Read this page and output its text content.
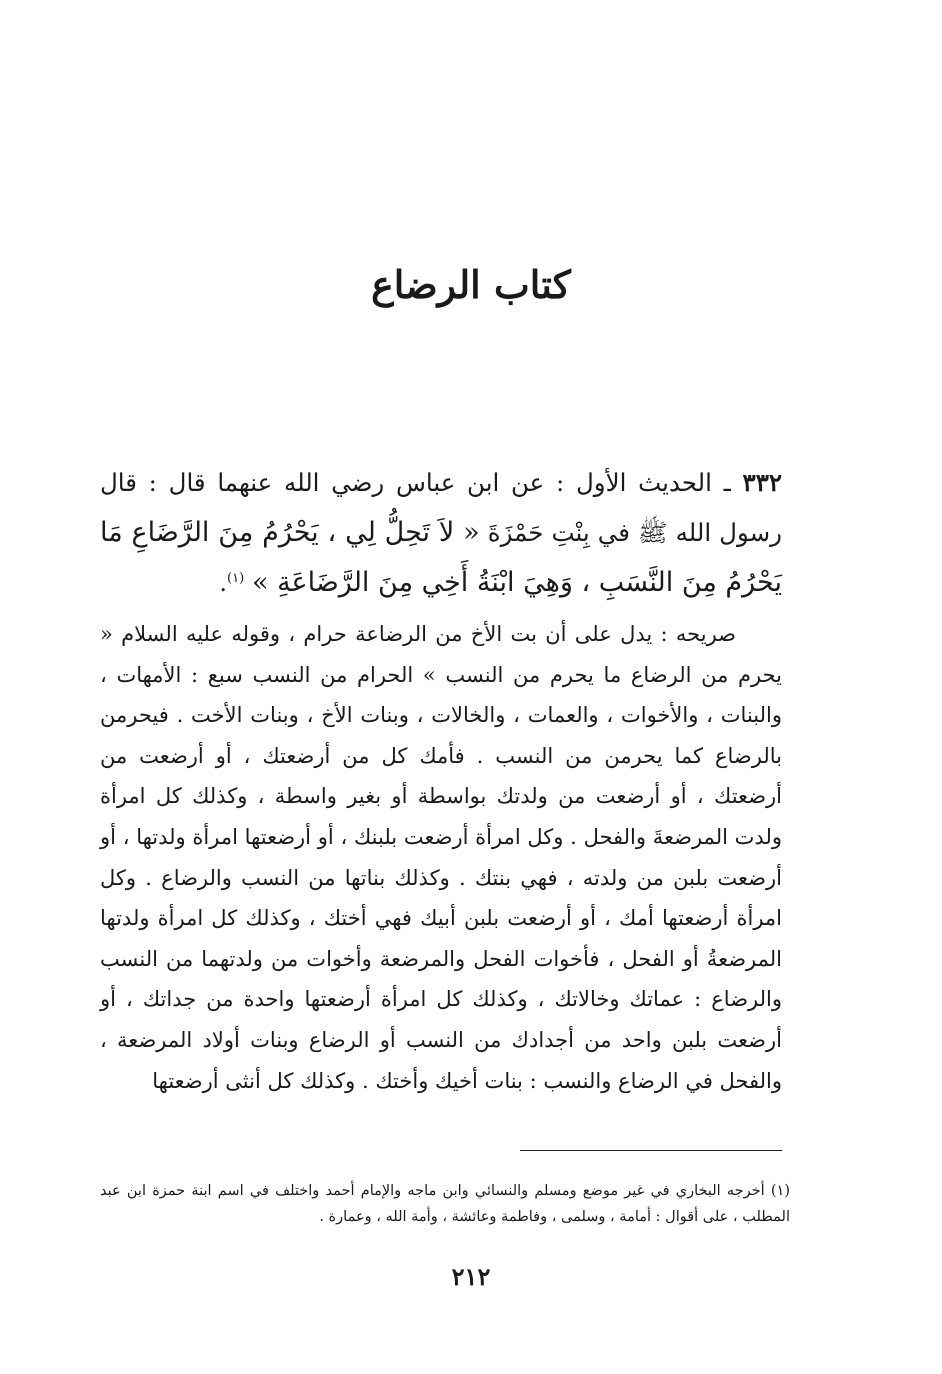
كتاب الرضاع
٣٣٢ ـ الحديث الأول : عن ابن عباس رضي الله عنهما قال : قال رسول الله ﷺ في بِنْتِ حَمْزَةَ « لاَ تَحِلُّ لِي ، يَحْرُمُ مِنَ الرَّضَاعِ مَا يَحْرُمُ مِنَ النَّسَبِ ، وَهِيَ ابْنَةُ أَخِي مِنَ الرَّضَاعَةِ » $^{(١)}$.
صريحه : يدل على أن بت الأخ من الرضاعة حرام ، وقوله عليه السلام « يحرم من الرضاع ما يحرم من النسب » الحرام من النسب سبع : الأمهات ، والبنات ، والأخوات ، والعمات ، والخالات ، وبنات الأخ ، وبنات الأخت . فيحرمن بالرضاع كما يحرمن من النسب . فأمك كل من أرضعتك ، أو أرضعت من أرضعتك ، أو أرضعت من ولدتك بواسطة أو بغير واسطة ، وكذلك كل امرأة ولدت المرضعةَ والفحل . وكل امرأة أرضعت بلبنك ، أو أرضعتها امرأة ولدتها ، أو أرضعت بلبن من ولدته ، فهي بنتك . وكذلك بناتها من النسب والرضاع . وكل امرأة أرضعتها أمك ، أو أرضعت بلبن أبيك فهي أختك ، وكذلك كل امرأة ولدتها المرضعةُ أو الفحل ، فأخوات الفحل والمرضعة وأخوات من ولدتهما من النسب والرضاع : عماتك وخالاتك ، وكذلك كل امرأة أرضعتها واحدة من جداتك ، أو أرضعت بلبن واحد من أجدادك من النسب أو الرضاع وبنات أولاد المرضعة ، والفحل في الرضاع والنسب : بنات أخيك وأختك . وكذلك كل أنثى أرضعتها
(١) أخرجه البخاري في غير موضع ومسلم والنسائي وابن ماجه والإمام أحمد واختلف في اسم ابنة حمزة ابن عبد المطلب ، على أقوال : أمامة ، وسلمى ، وفاطمة وعائشة ، وأمة الله ، وعمارة .
٢١٢
